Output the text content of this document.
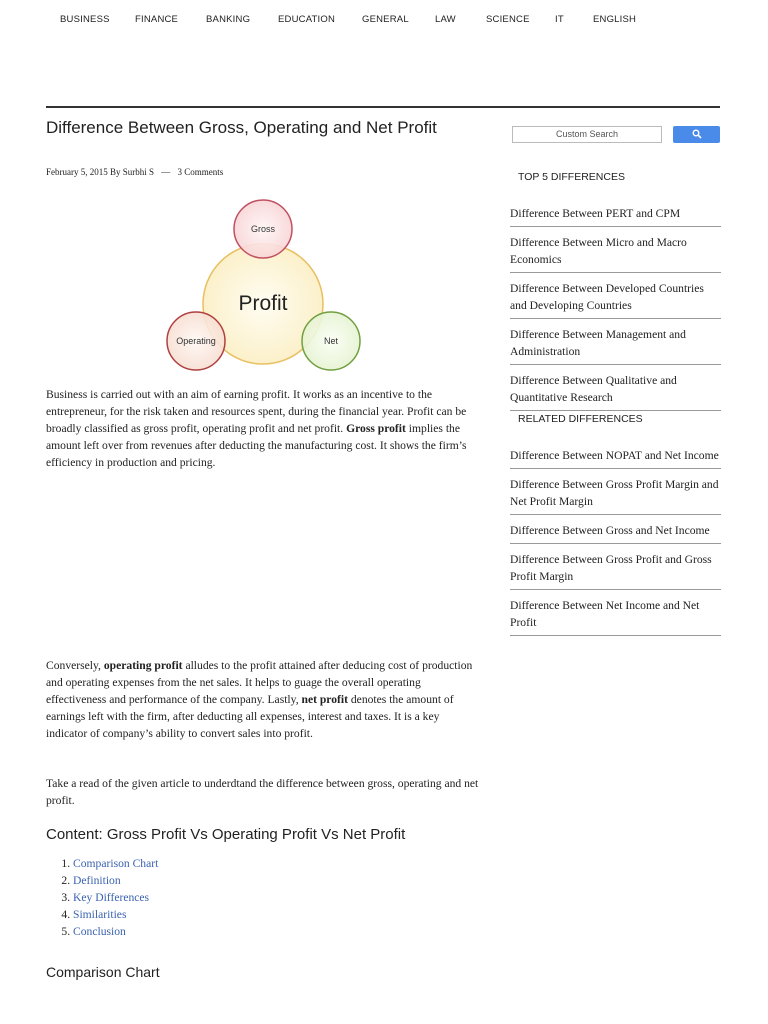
BUSINESS	FINANCE	BANKING	EDUCATION	GENERAL	LAW	SCIENCE	IT	ENGLISH
Difference Between Gross, Operating and Net Profit
February 5, 2015 By Surbhi S — 3 Comments
Profit
Gross
Operating	Net

Business is carried out with an aim of earning profit. It works as an incentive to the entrepreneur, for the risk taken and resources spent, during the financial year. Profit can be broadly classified as gross profit, operating profit and net profit. Gross profit implies the amount left over from revenues after deducting the manufacturing cost. It shows the firm’s efficiency in production and pricing.

Conversely, operating profit alludes to the profit attained after deducing cost of production and operating expenses from the net sales. It helps to guage the overall operating effectiveness and performance of the company. Lastly, net profit denotes the amount of earnings left with the firm, after deducting all expenses, interest and taxes. It is a key indicator of company’s ability to convert sales into profit.

Take a read of the given article to underdtand the difference between gross, operating and net profit.

Content: Gross Profit Vs Operating Profit Vs Net Profit
1. Comparison Chart
2. Definition
3. Key Differences
4. Similarities
5. Conclusion
Comparison Chart
Custom Search
TOP 5 DIFFERENCES
Difference Between PERT and CPM
Difference Between Micro and Macro Economics
Difference Between Developed Countries and Developing Countries
Difference Between Management and Administration
Difference Between Qualitative and Quantitative Research
RELATED DIFFERENCES
Difference Between NOPAT and Net Income
Difference Between Gross Profit Margin and Net Profit Margin
Difference Between Gross and Net Income
Difference Between Gross Profit and Gross Profit Margin
Difference Between Net Income and Net Profit
